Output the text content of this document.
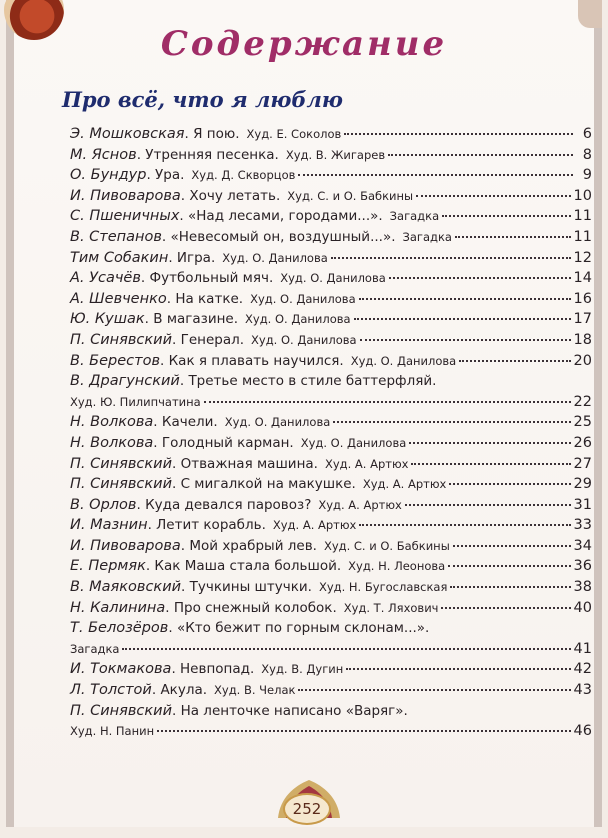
Содержание
Про всё, что я люблю
Э. Мошковская . Я пою. Худ. Е. Соколов	6
М. Яснов . Утренняя песенка. Худ. В. Жигарев	8
О. Бундур . Ура. Худ. Д. Скворцов	9
И. Пивоварова . Хочу летать. Худ. С. и О. Бабкины	10
С. Пшеничных . «Над лесами, городами...». Загадка	11
В. Степанов . «Невесомый он, воздушный...». Загадка	11
Тим Собакин . Игра. Худ. О. Данилова	12
А. Усачёв . Футбольный мяч. Худ. О. Данилова	14
А. Шевченко . На катке. Худ. О. Данилова	16
Ю. Кушак . В магазине. Худ. О. Данилова	17
П. Синявский . Генерал. Худ. О. Данилова	18
В. Берестов . Как я плавать научился. Худ. О. Данилова	20
В. Драгунский . Третье место в стиле баттерфляй.
Худ. Ю. Пилипчатина	22
Н. Волкова . Качели. Худ. О. Данилова	25
Н. Волкова . Голодный карман. Худ. О. Данилова	26
П. Синявский . Отважная машина. Худ. А. Артюх	27
П. Синявский . С мигалкой на макушке. Худ. А. Артюх	29
В. Орлов . Куда девался паровоз? Худ. А. Артюх	31
И. Мазнин . Летит корабль. Худ. А. Артюх	33
И. Пивоварова . Мой храбрый лев. Худ. С. и О. Бабкины	34
Е. Пермяк . Как Маша стала большой. Худ. Н. Леонова	36
В. Маяковский . Тучкины штучки. Худ. Н. Бугославская	38
Н. Калинина . Про снежный колобок. Худ. Т. Ляхович	40
Т. Белозёров . «Кто бежит по горным склонам...».
Загадка	41
И. Токмакова . Невпопад. Худ. В. Дугин	42
Л. Толстой . Акула. Худ. В. Челак	43
П. Синявский . На ленточке написано «Варяг».
Худ. Н. Панин	46
252
